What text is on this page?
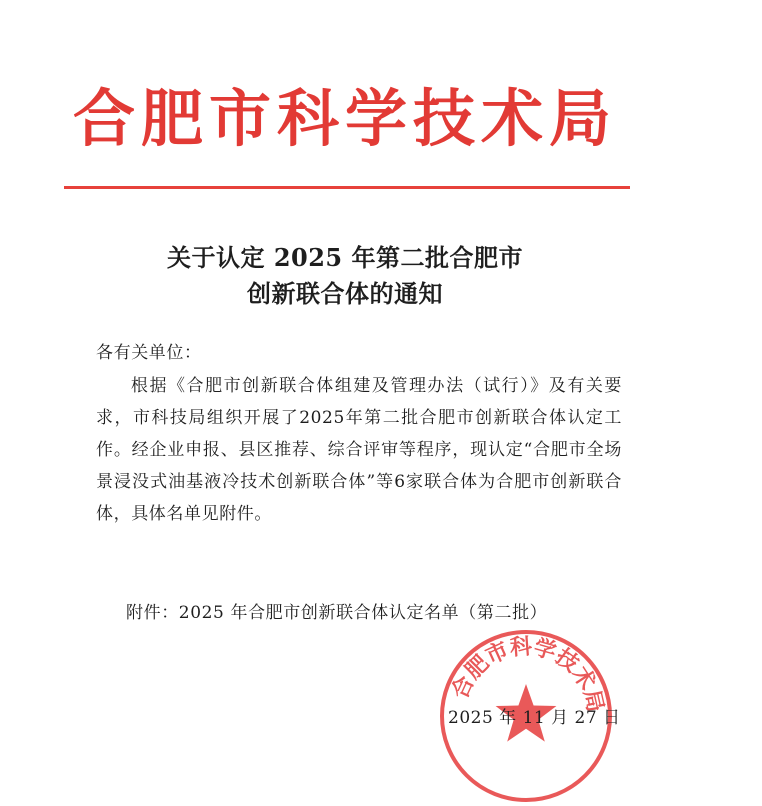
合肥市科学技术局
关于认定 2025 年第二批合肥市
创新联合体的通知
各有关单位：
根据《合肥市创新联合体组建及管理办法（试行）》及有关要求，市科技局组织开展了2025年第二批合肥市创新联合体认定工作。经企业申报、县区推荐、综合评审等程序，现认定“合肥市全场景浸没式油基液冷技术创新联合体”等6家联合体为合肥市创新联合体，具体名单见附件。
附件：2025 年合肥市创新联合体认定名单（第二批）
合肥市科学技术局
2025 年 11 月 27 日
